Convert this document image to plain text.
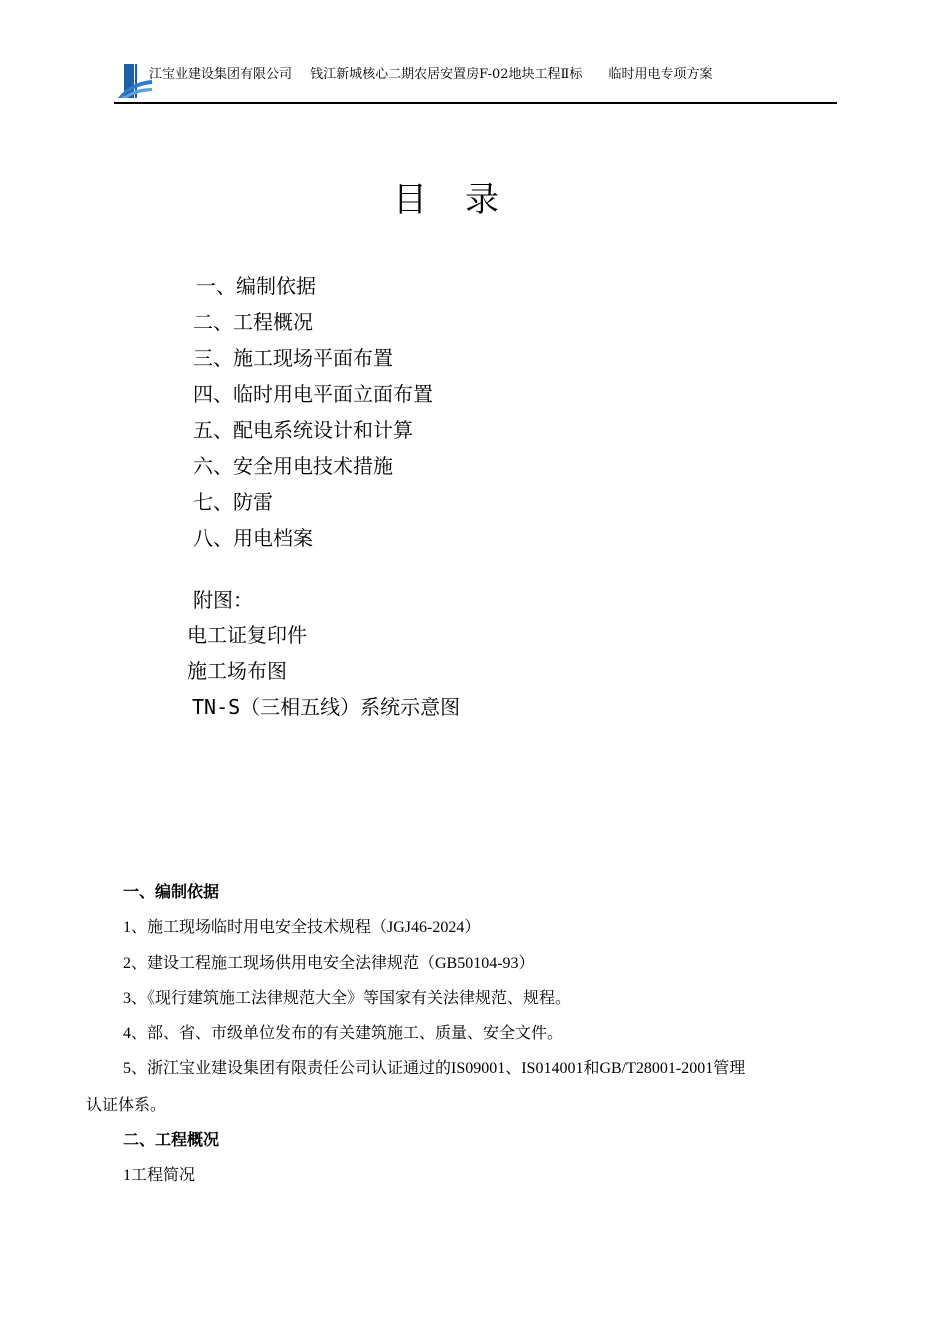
江宝业建设集团有限公司 钱江新城核心二期农居安置房F-02地块工程Ⅱ标 临时用电专项方案
目录
一、编制依据
二、工程概况
三、施工现场平面布置
四、临时用电平面立面布置
五、配电系统设计和计算
六、安全用电技术措施
七、防雷
八、用电档案
附图：
电工证复印件
施工场布图
TN-S（三相五线）系统示意图
一、编制依据
1、施工现场临时用电安全技术规程（JGJ46-2024）
2、建设工程施工现场供用电安全法律规范（GB50104-93）
3、《现行建筑施工法律规范大全》等国家有关法律规范、规程。
4、部、省、市级单位发布的有关建筑施工、质量、安全文件。
5、浙江宝业建设集团有限责任公司认证通过的IS09001、IS014001和GB/T28001-2001管理
认证体系。
二、工程概况
1工程简况
